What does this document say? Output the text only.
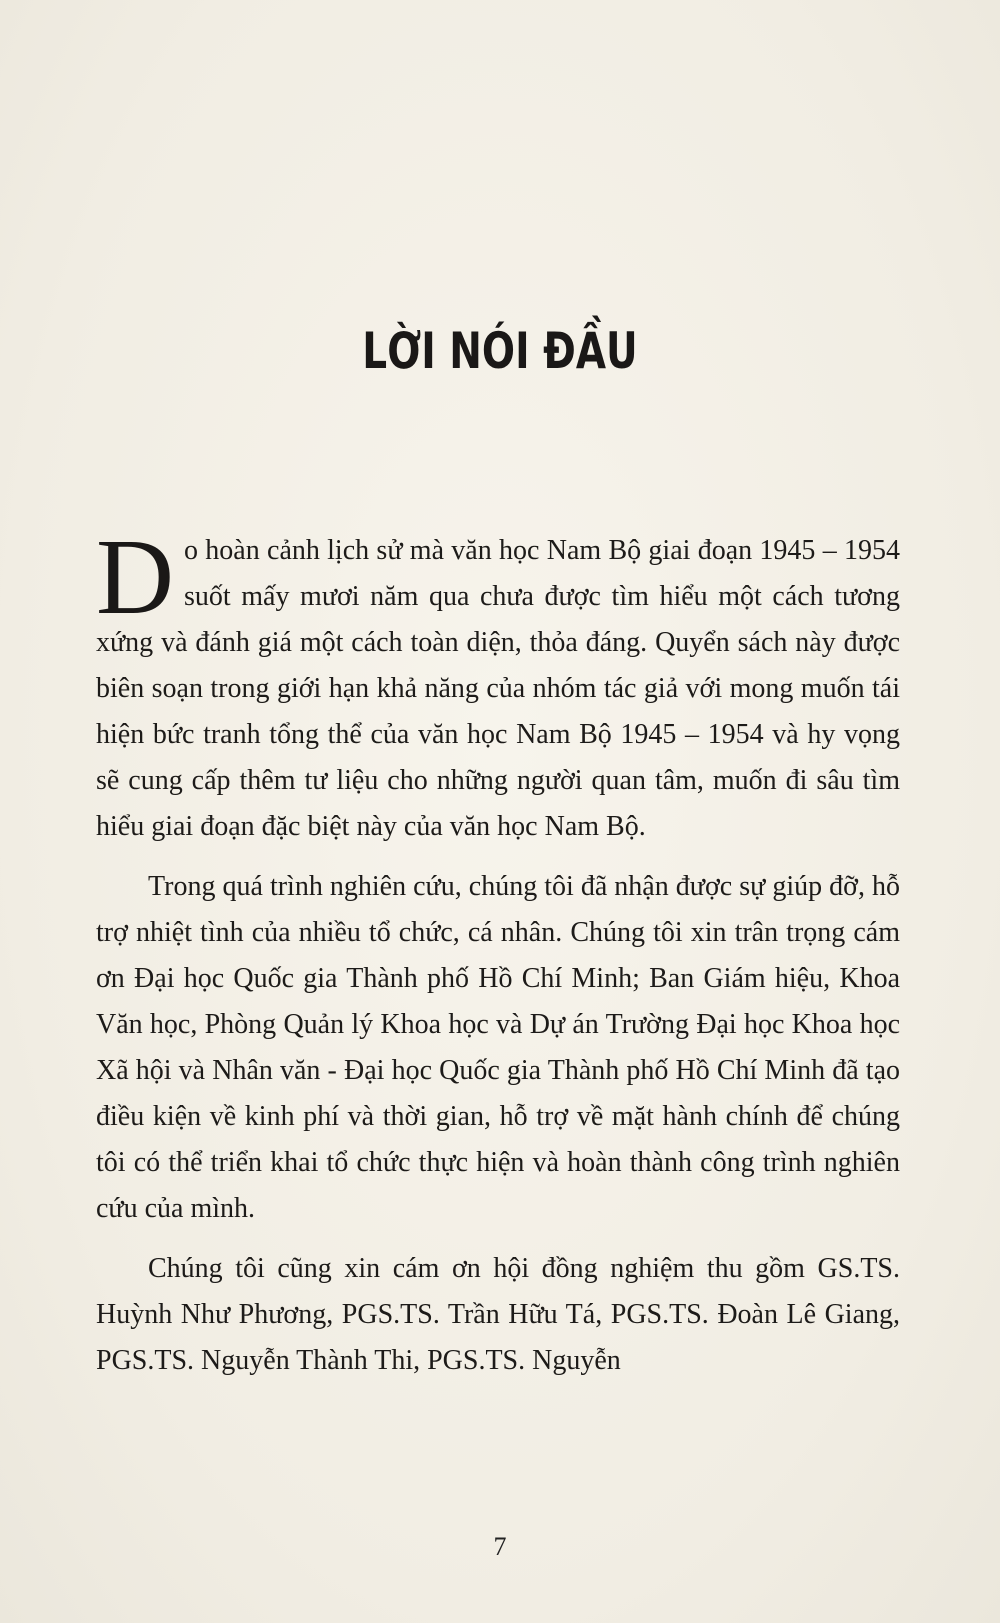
LỜI NÓI ĐẦU

Do hoàn cảnh lịch sử mà văn học Nam Bộ giai đoạn 1945 – 1954 suốt mấy mươi năm qua chưa được tìm hiểu một cách tương xứng và đánh giá một cách toàn diện, thỏa đáng. Quyển sách này được biên soạn trong giới hạn khả năng của nhóm tác giả với mong muốn tái hiện bức tranh tổng thể của văn học Nam Bộ 1945 – 1954 và hy vọng sẽ cung cấp thêm tư liệu cho những người quan tâm, muốn đi sâu tìm hiểu giai đoạn đặc biệt này của văn học Nam Bộ.

Trong quá trình nghiên cứu, chúng tôi đã nhận được sự giúp đỡ, hỗ trợ nhiệt tình của nhiều tổ chức, cá nhân. Chúng tôi xin trân trọng cám ơn Đại học Quốc gia Thành phố Hồ Chí Minh; Ban Giám hiệu, Khoa Văn học, Phòng Quản lý Khoa học và Dự án Trường Đại học Khoa học Xã hội và Nhân văn - Đại học Quốc gia Thành phố Hồ Chí Minh đã tạo điều kiện về kinh phí và thời gian, hỗ trợ về mặt hành chính để chúng tôi có thể triển khai tổ chức thực hiện và hoàn thành công trình nghiên cứu của mình.

Chúng tôi cũng xin cám ơn hội đồng nghiệm thu gồm GS.TS. Huỳnh Như Phương, PGS.TS. Trần Hữu Tá, PGS.TS. Đoàn Lê Giang, PGS.TS. Nguyễn Thành Thi, PGS.TS. Nguyễn

7
